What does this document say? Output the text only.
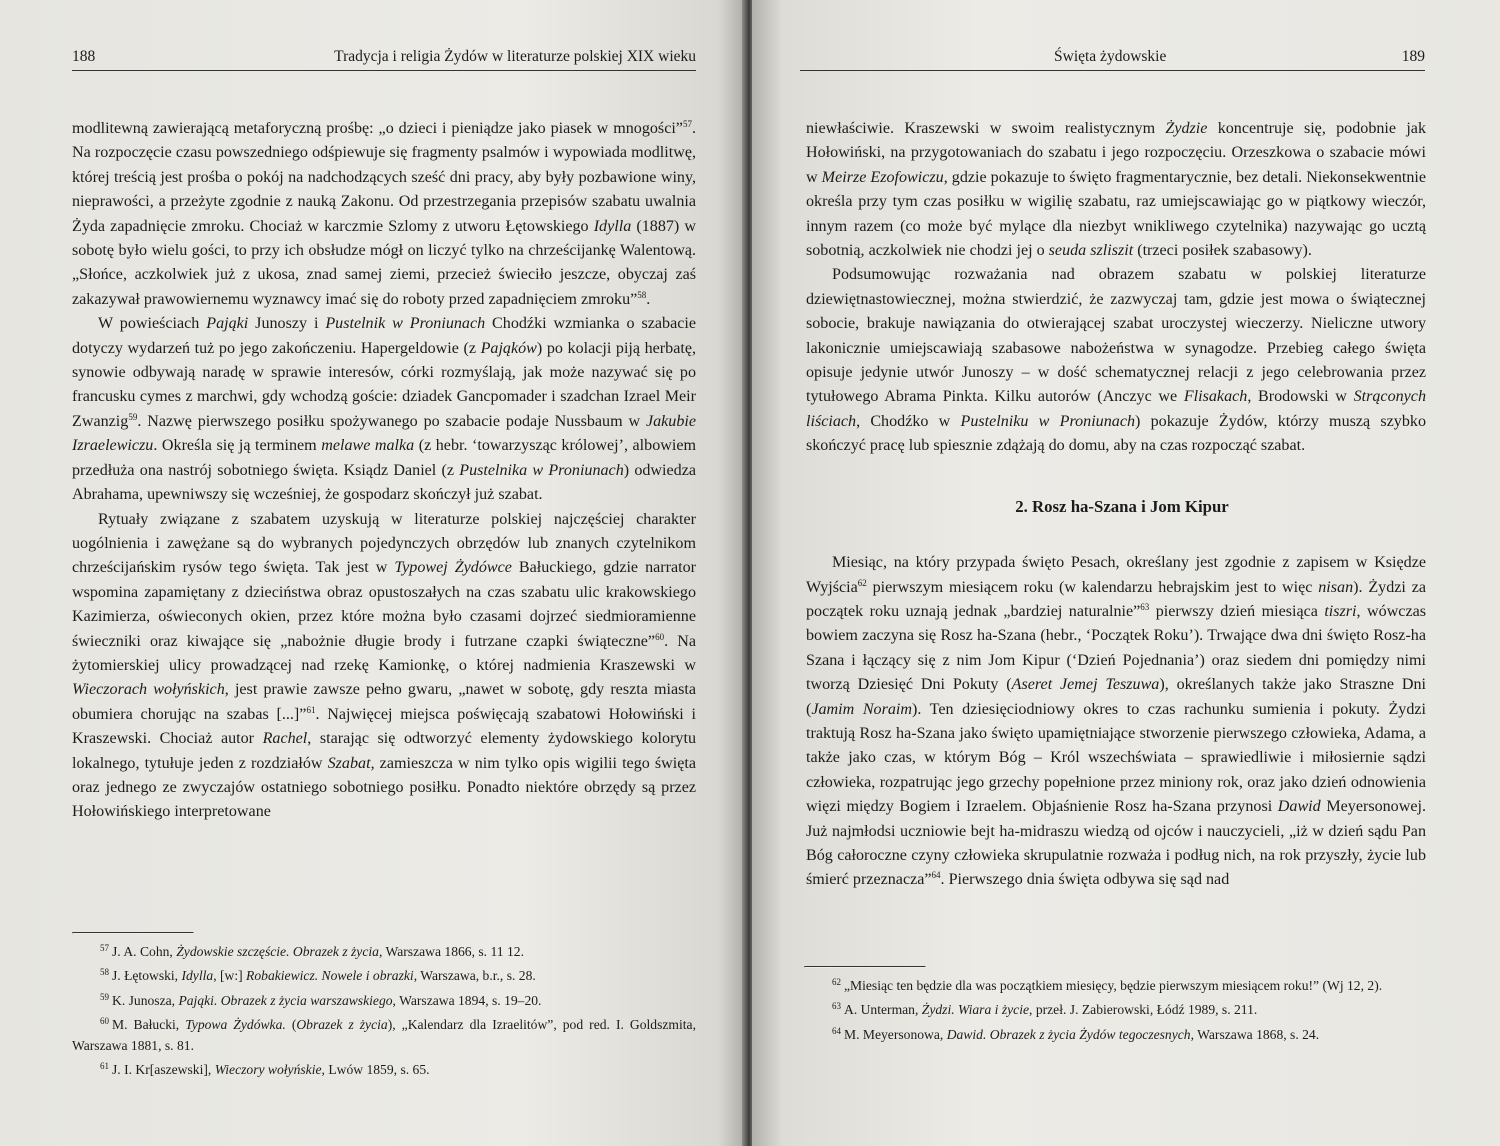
188	Tradycja i religia Żydów w literaturze polskiej XIX wieku

modlitewną zawierającą metaforyczną prośbę: „o dzieci i pieniądze jako piasek w mnogości”$^{57}$. Na rozpoczęcie czasu powszedniego odśpiewuje się fragmenty psalmów i wypowiada modlitwę, której treścią jest prośba o pokój na nadchodzących sześć dni pracy, aby były pozbawione winy, nieprawości, a przeżyte zgodnie z nauką Zakonu. Od przestrzegania przepisów szabatu uwalnia Żyda zapadnięcie zmroku. Chociaż w karczmie Szlomy z utworu Łętowskiego Idylla (1887) w sobotę było wielu gości, to przy ich obsłudze mógł on liczyć tylko na chrześcijankę Walentową. „Słońce, aczkolwiek już z ukosa, znad samej ziemi, przecież świeciło jeszcze, obyczaj zaś zakazywał prawowiernemu wyznawcy imać się do roboty przed zapadnięciem zmroku”$^{58}$.

W powieściach Pająki Junoszy i Pustelnik w Proniunach Chodźki wzmianka o szabacie dotyczy wydarzeń tuż po jego zakończeniu. Hapergeldowie (z Pająków) po kolacji piją herbatę, synowie odbywają naradę w sprawie interesów, córki rozmyślają, jak może nazywać się po francusku cymes z marchwi, gdy wchodzą goście: dziadek Gancpomader i szadchan Izrael Meir Zwanzig$^{59}$. Nazwę pierwszego posiłku spożywanego po szabacie podaje Nussbaum w Jakubie Izraelewiczu. Określa się ją terminem melawe malka (z hebr. ‘towarzysząc królowej’, albowiem przedłuża ona nastrój sobotniego święta. Ksiądz Daniel (z Pustelnika w Proniunach) odwiedza Abrahama, upewniwszy się wcześniej, że gospodarz skończył już szabat.

Rytuały związane z szabatem uzyskują w literaturze polskiej najczęściej charakter uogólnienia i zawężane są do wybranych pojedynczych obrzędów lub znanych czytelnikom chrześcijańskim rysów tego święta. Tak jest w Typowej Żydówce Bałuckiego, gdzie narrator wspomina zapamiętany z dzieciństwa obraz opustoszałych na czas szabatu ulic krakowskiego Kazimierza, oświeconych okien, przez które można było czasami dojrzeć siedmioramienne świeczniki oraz kiwające się „nabożnie długie brody i futrzane czapki świąteczne”$^{60}$. Na żytomierskiej ulicy prowadzącej nad rzekę Kamionkę, o której nadmienia Kraszewski w Wieczorach wołyńskich, jest prawie zawsze pełno gwaru, „nawet w sobotę, gdy reszta miasta obumiera chorując na szabas [...]”$^{61}$. Najwięcej miejsca poświęcają szabatowi Hołowiński i Kraszewski. Chociaż autor Rachel, starając się odtworzyć elementy żydowskiego kolorytu lokalnego, tytułuje jeden z rozdziałów Szabat, zamieszcza w nim tylko opis wigilii tego święta oraz jednego ze zwyczajów ostatniego sobotniego posiłku. Ponadto niektóre obrzędy są przez Hołowińskiego interpretowane

$^{57}$ J. A. Cohn, Żydowskie szczęście. Obrazek z życia, Warszawa 1866, s. 11 12.

$^{58}$ J. Łętowski, Idylla, [w:] Robakiewicz. Nowele i obrazki, Warszawa, b.r., s. 28.

$^{59}$ K. Junosza, Pająki. Obrazek z życia warszawskiego, Warszawa 1894, s. 19–20.

$^{60}$ M. Bałucki, Typowa Żydówka. (Obrazek z życia), „Kalendarz dla Izraelitów”, pod red. I. Goldszmita, Warszawa 1881, s. 81.

$^{61}$ J. I. Kr[aszewski], Wieczory wołyńskie, Lwów 1859, s. 65.

Święta żydowskie	189

niewłaściwie. Kraszewski w swoim realistycznym Żydzie koncentruje się, podobnie jak Hołowiński, na przygotowaniach do szabatu i jego rozpoczęciu. Orzeszkowa o szabacie mówi w Meirze Ezofowiczu, gdzie pokazuje to święto fragmentarycznie, bez detali. Niekonsekwentnie określa przy tym czas posiłku w wigilię szabatu, raz umiejscawiając go w piątkowy wieczór, innym razem (co może być mylące dla niezbyt wnikliwego czytelnika) nazywając go ucztą sobotnią, aczkolwiek nie chodzi jej o seuda szliszit (trzeci posiłek szabasowy).

Podsumowując rozważania nad obrazem szabatu w polskiej literaturze dziewiętnastowiecznej, można stwierdzić, że zazwyczaj tam, gdzie jest mowa o świątecznej sobocie, brakuje nawiązania do otwierającej szabat uroczystej wieczerzy. Nieliczne utwory lakonicznie umiejscawiają szabasowe nabożeństwa w synagodze. Przebieg całego święta opisuje jedynie utwór Junoszy – w dość schematycznej relacji z jego celebrowania przez tytułowego Abrama Pinkta. Kilku autorów (Anczyc we Flisakach, Brodowski w Strąconych liściach, Chodźko w Pustelniku w Proniunach) pokazuje Żydów, którzy muszą szybko skończyć pracę lub spiesznie zdążają do domu, aby na czas rozpocząć szabat.

2. Rosz ha-Szana i Jom Kipur

Miesiąc, na który przypada święto Pesach, określany jest zgodnie z zapisem w Księdze Wyjścia$^{62}$ pierwszym miesiącem roku (w kalendarzu hebrajskim jest to więc nisan). Żydzi za początek roku uznają jednak „bardziej naturalnie”$^{63}$ pierwszy dzień miesiąca tiszri, wówczas bowiem zaczyna się Rosz ha-Szana (hebr., ‘Początek Roku’). Trwające dwa dni święto Rosz-ha Szana i łączący się z nim Jom Kipur (‘Dzień Pojednania’) oraz siedem dni pomiędzy nimi tworzą Dziesięć Dni Pokuty (Aseret Jemej Teszuwa), określanych także jako Straszne Dni (Jamim Noraim). Ten dziesięciodniowy okres to czas rachunku sumienia i pokuty. Żydzi traktują Rosz ha-Szana jako święto upamiętniające stworzenie pierwszego człowieka, Adama, a także jako czas, w którym Bóg – Król wszechświata – sprawiedliwie i miłosiernie sądzi człowieka, rozpatrując jego grzechy popełnione przez miniony rok, oraz jako dzień odnowienia więzi między Bogiem i Izraelem. Objaśnienie Rosz ha-Szana przynosi Dawid Meyersonowej. Już najmłodsi uczniowie bejt ha-midraszu wiedzą od ojców i nauczycieli, „iż w dzień sądu Pan Bóg całoroczne czyny człowieka skrupulatnie rozważa i podług nich, na rok przyszły, życie lub śmierć przeznacza”$^{64}$. Pierwszego dnia święta odbywa się sąd nad

$^{62}$ „Miesiąc ten będzie dla was początkiem miesięcy, będzie pierwszym miesiącem roku!” (Wj 12, 2).

$^{63}$ A. Unterman, Żydzi. Wiara i życie, przeł. J. Zabierowski, Łódź 1989, s. 211.

$^{64}$ M. Meyersonowa, Dawid. Obrazek z życia Żydów tegoczesnych, Warszawa 1868, s. 24.
